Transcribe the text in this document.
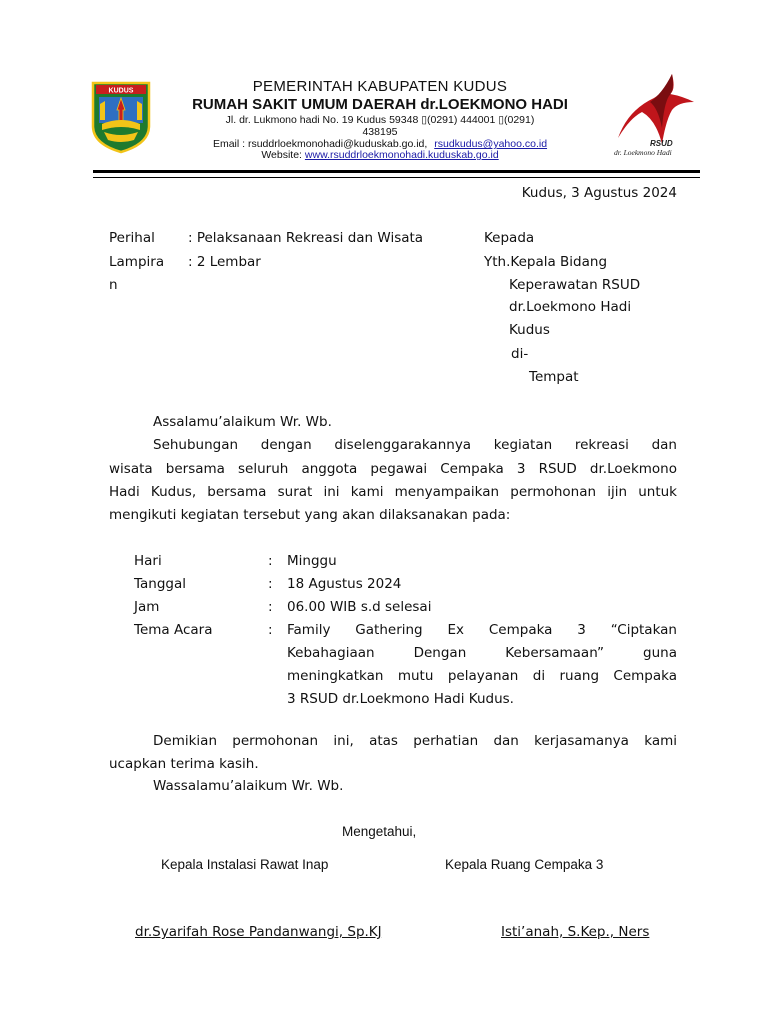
KUDUS	PEMERINTAH KABUPATEN KUDUS
RUMAH SAKIT UMUM DAERAH dr.LOEKMONO HADI
Jl. dr. Lukmono hadi No. 19 Kudus 59348 ▯(0291) 444001 ▯(0291)
438195
Email : rsuddrloekmonohadi@kuduskab.go.id, rsudkudus@yahoo.co.id
Website: www.rsuddrloekmonohadi.kuduskab.go.id
RSUD
dr. Loekmono Hadi
Kudus, 3 Agustus 2024
Perihal : Pelaksanaan Rekreasi dan Wisata
Lampira
n
: 2 Lembar
Kepada
Yth.Kepala Bidang
Keperawatan RSUD
dr.Loekmono Hadi
Kudus
di-
Tempat
Assalamu’alaikum Wr. Wb.
Sehubungan dengan diselenggarakannya kegiatan rekreasi dan
wisata bersama seluruh anggota pegawai Cempaka 3 RSUD dr.Loekmono
Hadi Kudus, bersama surat ini kami menyampaikan permohonan ijin untuk
mengikuti kegiatan tersebut yang akan dilaksanakan pada:
Hari	: Minggu
Tanggal	: 18 Agustus 2024
Jam	: 06.00 WIB s.d selesai
Tema Acara	: Family Gathering Ex Cempaka 3 “Ciptakan
Kebahagiaan Dengan Kebersamaan” guna
meningkatkan mutu pelayanan di ruang Cempaka
3 RSUD dr.Loekmono Hadi Kudus.
Demikian permohonan ini, atas perhatian dan kerjasamanya kami
ucapkan terima kasih.
Wassalamu’alaikum Wr. Wb.
Mengetahui,
Kepala Instalasi Rawat Inap	Kepala Ruang Cempaka 3
dr.Syarifah Rose Pandanwangi, Sp.KJ	Isti’anah, S.Kep., Ners
